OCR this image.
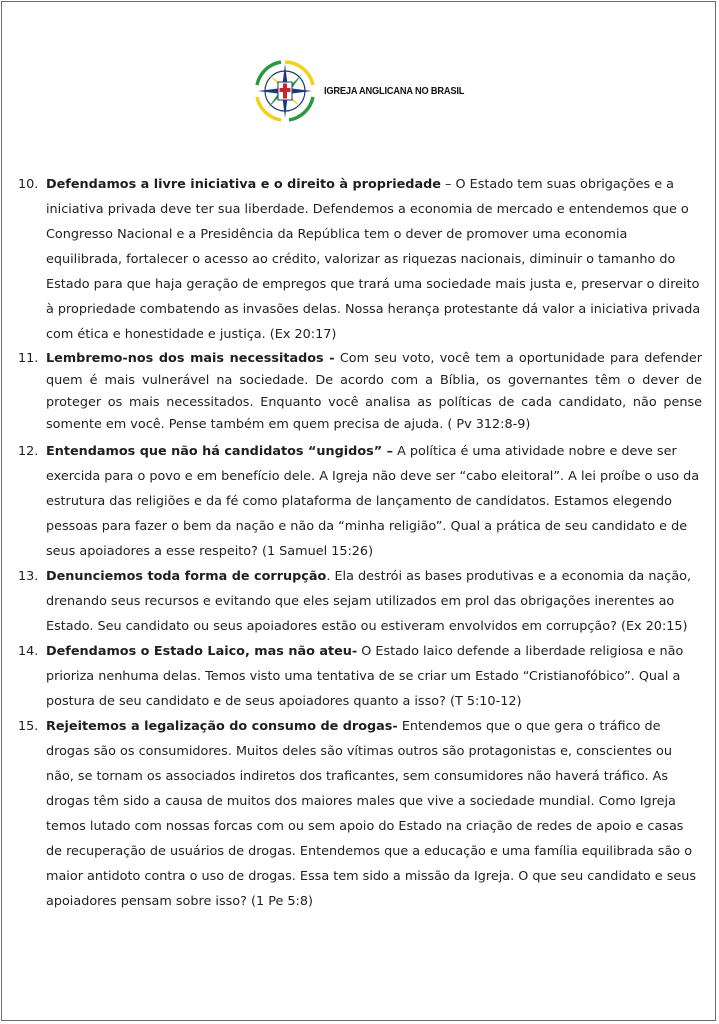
IGREJA ANGLICANA NO BRASIL
10. Defendamos a livre iniciativa e o direito à propriedade – O Estado tem suas obrigações e a iniciativa privada deve ter sua liberdade. Defendemos a economia de mercado e entendemos que o Congresso Nacional e a Presidência da República tem o dever de promover uma economia equilibrada, fortalecer o acesso ao crédito, valorizar as riquezas nacionais, diminuir o tamanho do Estado para que haja geração de empregos que trará uma sociedade mais justa e, preservar o direito à propriedade combatendo as invasões delas. Nossa herança protestante dá valor a iniciativa privada com ética e honestidade e justiça. (Ex 20:17)
11. Lembremo-nos dos mais necessitados - Com seu voto, você tem a oportunidade para defender quem é mais vulnerável na sociedade. De acordo com a Bíblia, os governantes têm o dever de proteger os mais necessitados. Enquanto você analisa as políticas de cada candidato, não pense somente em você. Pense também em quem precisa de ajuda. ( Pv 312:8-9)
12. Entendamos que não há candidatos “ungidos” – A política é uma atividade nobre e deve ser exercida para o povo e em benefício dele. A Igreja não deve ser “cabo eleitoral”. A lei proíbe o uso da estrutura das religiões e da fé como plataforma de lançamento de candidatos. Estamos elegendo pessoas para fazer o bem da nação e não da “minha religião”. Qual a prática de seu candidato e de seus apoiadores a esse respeito? (1 Samuel 15:26)
13. Denunciemos toda forma de corrupção. Ela destrói as bases produtivas e a economia da nação, drenando seus recursos e evitando que eles sejam utilizados em prol das obrigações inerentes ao Estado. Seu candidato ou seus apoiadores estão ou estiveram envolvidos em corrupção? (Ex 20:15)
14. Defendamos o Estado Laico, mas não ateu- O Estado laico defende a liberdade religiosa e não prioriza nenhuma delas. Temos visto uma tentativa de se criar um Estado “Cristianofóbico”. Qual a postura de seu candidato e de seus apoiadores quanto a isso? (T 5:10-12)
15. Rejeitemos a legalização do consumo de drogas- Entendemos que o que gera o tráfico de drogas são os consumidores. Muitos deles são vítimas outros são protagonistas e, conscientes ou não, se tornam os associados indiretos dos traficantes, sem consumidores não haverá tráfico. As drogas têm sido a causa de muitos dos maiores males que vive a sociedade mundial. Como Igreja temos lutado com nossas forcas com ou sem apoio do Estado na criação de redes de apoio e casas de recuperação de usuários de drogas. Entendemos que a educação e uma família equilibrada são o maior antidoto contra o uso de drogas. Essa tem sido a missão da Igreja. O que seu candidato e seus apoiadores pensam sobre isso? (1 Pe 5:8)
